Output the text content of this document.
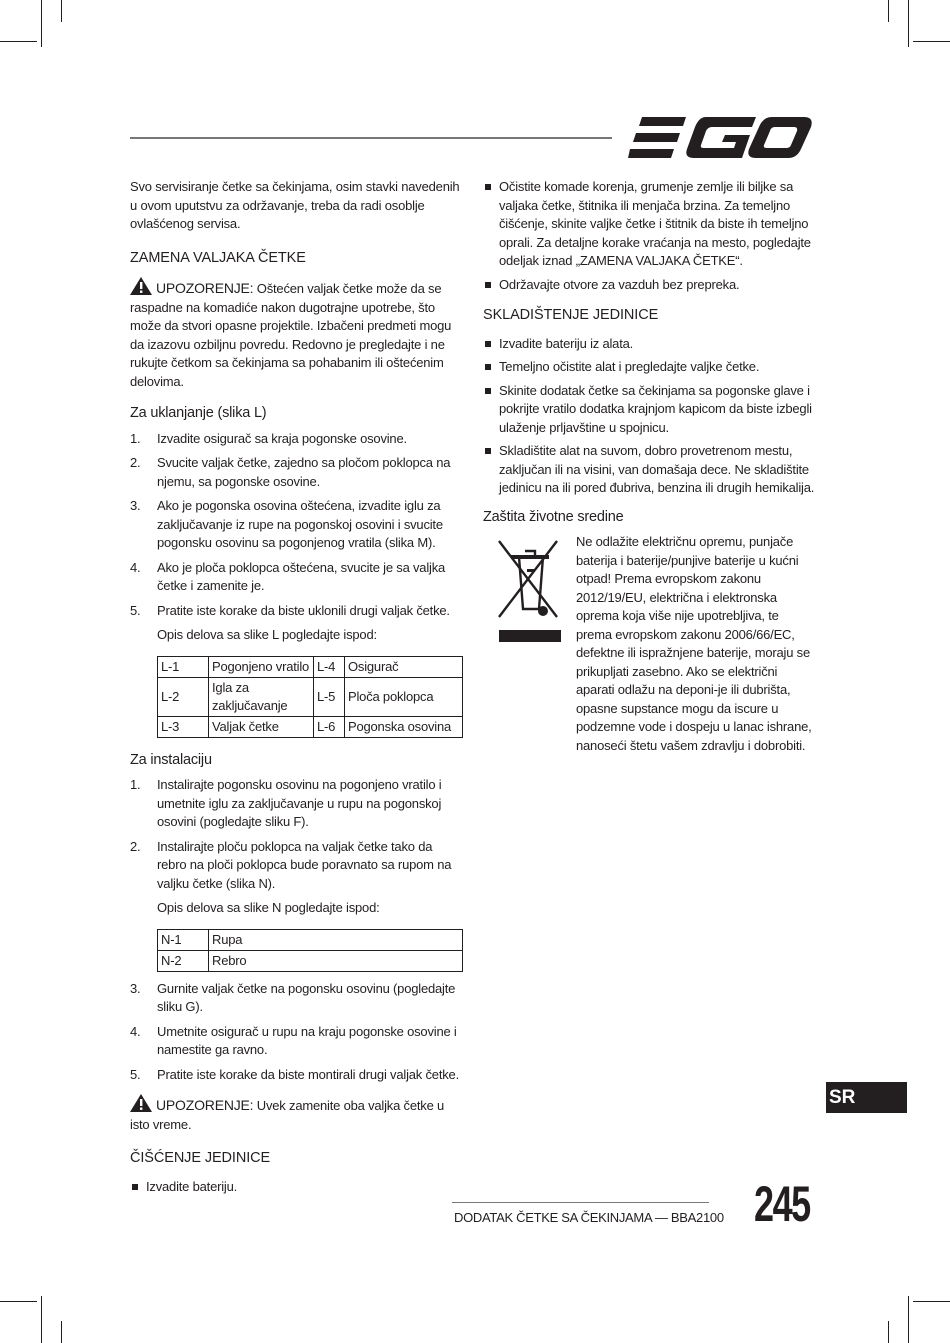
Svo servisiranje četke sa čekinjama, osim stavki navedenih u ovom uputstvu za održavanje, treba da radi osoblje ovlašćenog servisa.

ZAMENA VALJAKA ČETKE

UPOZORENJE: Oštećen valjak četke može da se raspadne na komadiće nakon dugotrajne upotrebe, što može da stvori opasne projektile. Izbačeni predmeti mogu da izazovu ozbiljnu povredu. Redovno je pregledajte i ne rukujte četkom sa čekinjama sa pohabanim ili oštećenim delovima.

Za uklanjanje (slika L)
1. Izvadite osigurač sa kraja pogonske osovine.
2. Svucite valjak četke, zajedno sa pločom poklopca na njemu, sa pogonske osovine.
3. Ako je pogonska osovina oštećena, izvadite iglu za zaključavanje iz rupe na pogonskoj osovini i svucite pogonsku osovinu sa pogonjenog vratila (slika M).
4. Ako je ploča poklopca oštećena, svucite je sa valjka četke i zamenite je.
5. Pratite iste korake da biste uklonili drugi valjak četke.

Opis delova sa slike L pogledajte ispod:

L-1	Pogonjeno vratilo	L-4	Osigurač
L-2	Igla za zaključavanje	L-5	Ploča poklopca
L-3	Valjak četke	L-6	Pogonska osovina
Za instalaciju
1. Instalirajte pogonsku osovinu na pogonjeno vratilo i umetnite iglu za zaključavanje u rupu na pogonskoj osovini (pogledajte sliku F).
2. Instalirajte ploču poklopca na valjak četke tako da rebro na ploči poklopca bude poravnato sa rupom na valjku četke (slika N).

Opis delova sa slike N pogledajte ispod:

N-1	Rupa
N-2	Rebro
3. Gurnite valjak četke na pogonsku osovinu (pogledajte sliku G).
4. Umetnite osigurač u rupu na kraju pogonske osovine i namestite ga ravno.
5. Pratite iste korake da biste montirali drugi valjak četke.

UPOZORENJE: Uvek zamenite oba valjka četke u isto vreme.

ČIŠĆENJE JEDINICE
Izvadite bateriju.
Očistite komade korenja, grumenje zemlje ili biljke sa valjaka četke, štitnika ili menjača brzina. Za temeljno čišćenje, skinite valjke četke i štitnik da biste ih temeljno oprali. Za detaljne korake vraćanja na mesto, pogledajte odeljak iznad „ZAMENA VALJAKA ČETKE“.
Održavajte otvore za vazduh bez prepreka.
SKLADIŠTENJE JEDINICE
Izvadite bateriju iz alata.
Temeljno očistite alat i pregledajte valjke četke.
Skinite dodatak četke sa čekinjama sa pogonske glave i pokrijte vratilo dodatka krajnjom kapicom da biste izbegli ulaženje prljavštine u spojnicu.
Skladištite alat na suvom, dobro provetrenom mestu, zaključan ili na visini, van domašaja dece. Ne skladištite jedinicu na ili pored đubriva, benzina ili drugih hemikalija.
Zaštita životne sredine

Ne odlažite električnu opremu, punjače baterija i baterije/punjive baterije u kućni otpad! Prema evropskom zakonu 2012/19/EU, električna i elektronska oprema koja više nije upotrebljiva, te prema evropskom zakonu 2006/66/EC, defektne ili ispražnjene baterije, moraju se prikupljati zasebno. Ako se električni aparati odlažu na deponi-je ili dubrišta, opasne supstance mogu da iscure u podzemne vode i dospeju u lanac ishrane, nanoseći štetu vašem zdravlju i dobrobiti.

SR
DODATAK ČETKE SA ČEKINJAMA — BBA2100 245
